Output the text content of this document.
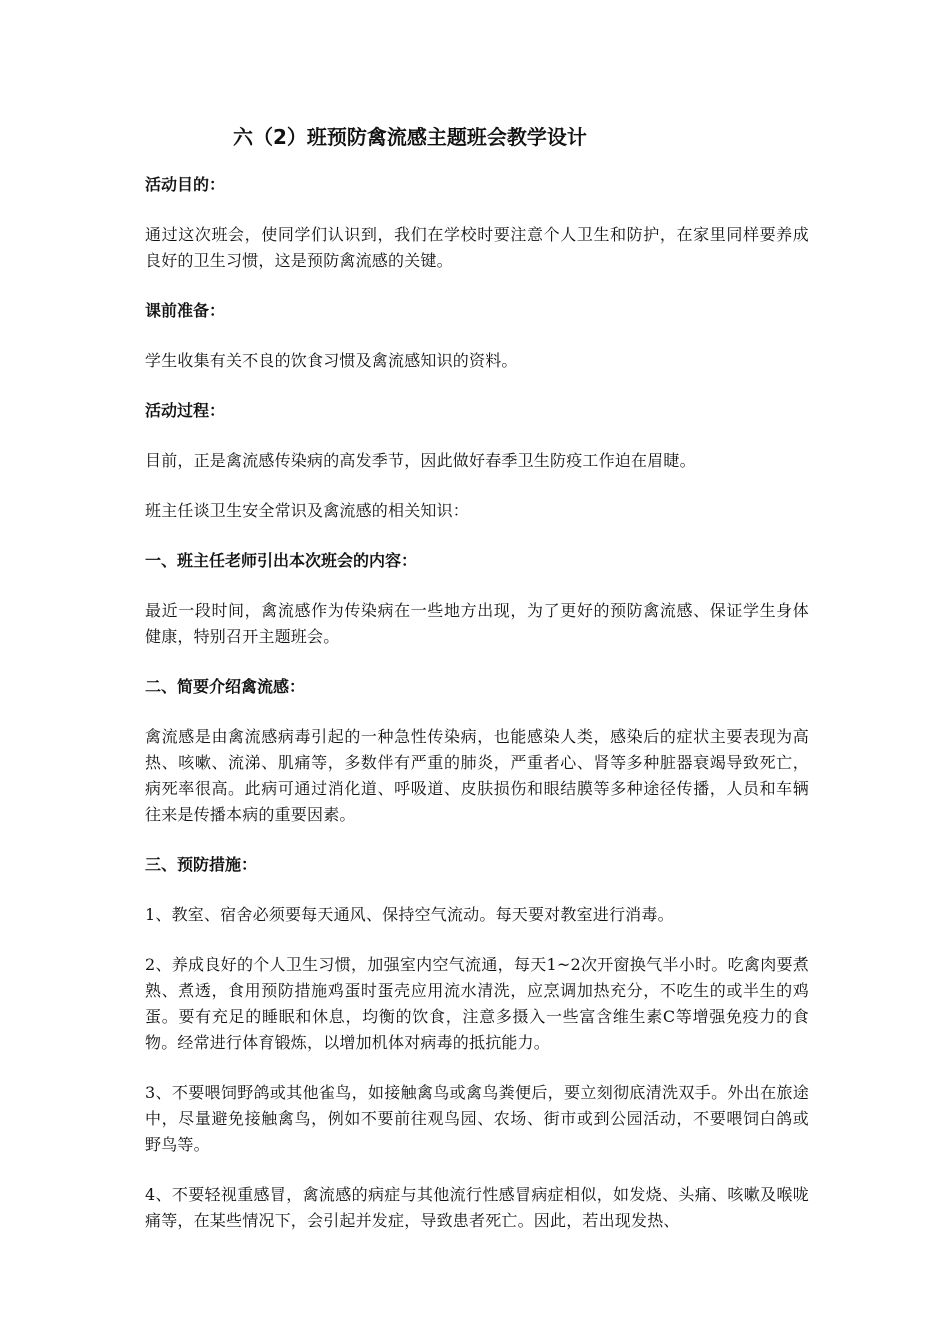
六（2）班预防禽流感主题班会教学设计
活动目的：
通过这次班会，使同学们认识到，我们在学校时要注意个人卫生和防护，在家里同样要养成良好的卫生习惯，这是预防禽流感的关键。
课前准备：
学生收集有关不良的饮食习惯及禽流感知识的资料。
活动过程：
目前，正是禽流感传染病的高发季节，因此做好春季卫生防疫工作迫在眉睫。
班主任谈卫生安全常识及禽流感的相关知识：
一、班主任老师引出本次班会的内容：
最近一段时间，禽流感作为传染病在一些地方出现，为了更好的预防禽流感、保证学生身体健康，特别召开主题班会。
二、简要介绍禽流感：
禽流感是由禽流感病毒引起的一种急性传染病，也能感染人类，感染后的症状主要表现为高热、咳嗽、流涕、肌痛等，多数伴有严重的肺炎，严重者心、肾等多种脏器衰竭导致死亡，病死率很高。此病可通过消化道、呼吸道、皮肤损伤和眼结膜等多种途径传播，人员和车辆往来是传播本病的重要因素。
三、预防措施：
1、教室、宿舍必须要每天通风、保持空气流动。每天要对教室进行消毒。
2、养成良好的个人卫生习惯，加强室内空气流通，每天1~2次开窗换气半小时。吃禽肉要煮熟、煮透，食用预防措施鸡蛋时蛋壳应用流水清洗，应烹调加热充分，不吃生的或半生的鸡蛋。要有充足的睡眠和休息，均衡的饮食，注意多摄入一些富含维生素C等增强免疫力的食物。经常进行体育锻炼，以增加机体对病毒的抵抗能力。
3、不要喂饲野鸽或其他雀鸟，如接触禽鸟或禽鸟粪便后，要立刻彻底清洗双手。外出在旅途中，尽量避免接触禽鸟，例如不要前往观鸟园、农场、街市或到公园活动，不要喂饲白鸽或野鸟等。
4、不要轻视重感冒，禽流感的病症与其他流行性感冒病症相似，如发烧、头痛、咳嗽及喉咙痛等，在某些情况下，会引起并发症，导致患者死亡。因此，若出现发热、
